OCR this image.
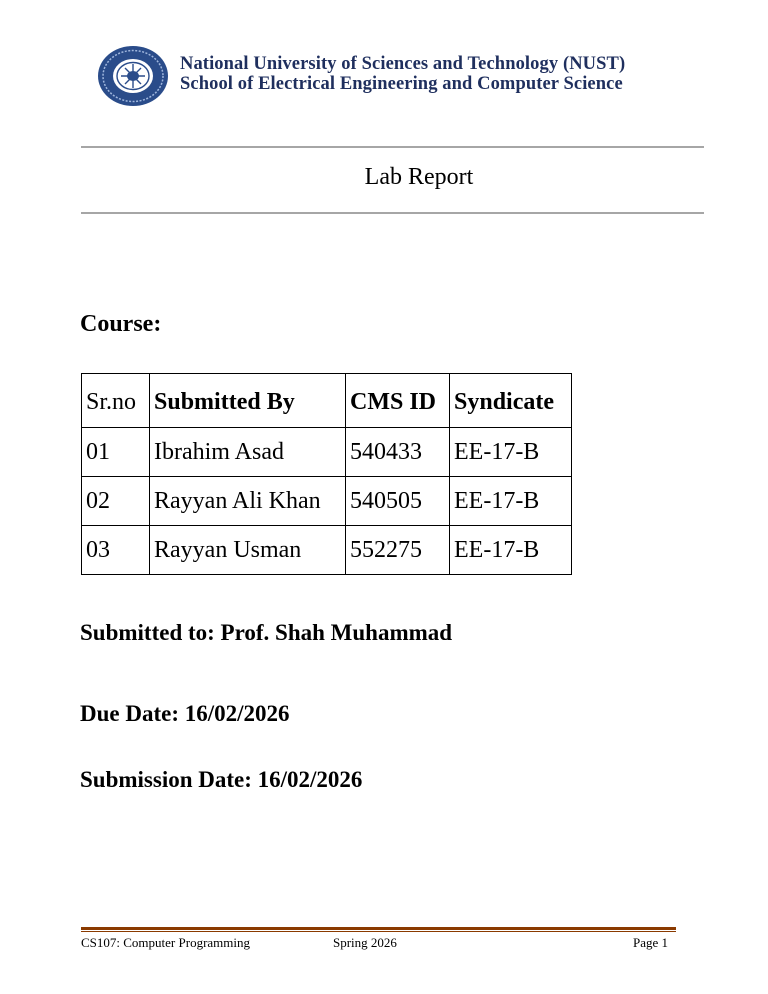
National University of Sciences and Technology (NUST)
School of Electrical Engineering and Computer Science
Lab Report
Course:
Sr.no	Submitted By	CMS ID	Syndicate
01	Ibrahim Asad	540433	EE-17-B
02	Rayyan Ali Khan	540505	EE-17-B
03	Rayyan Usman	552275	EE-17-B
Submitted to: Prof. Shah Muhammad
Due Date: 16/02/2026
Submission Date: 16/02/2026
CS107: Computer Programming	Spring 2026	Page 1
